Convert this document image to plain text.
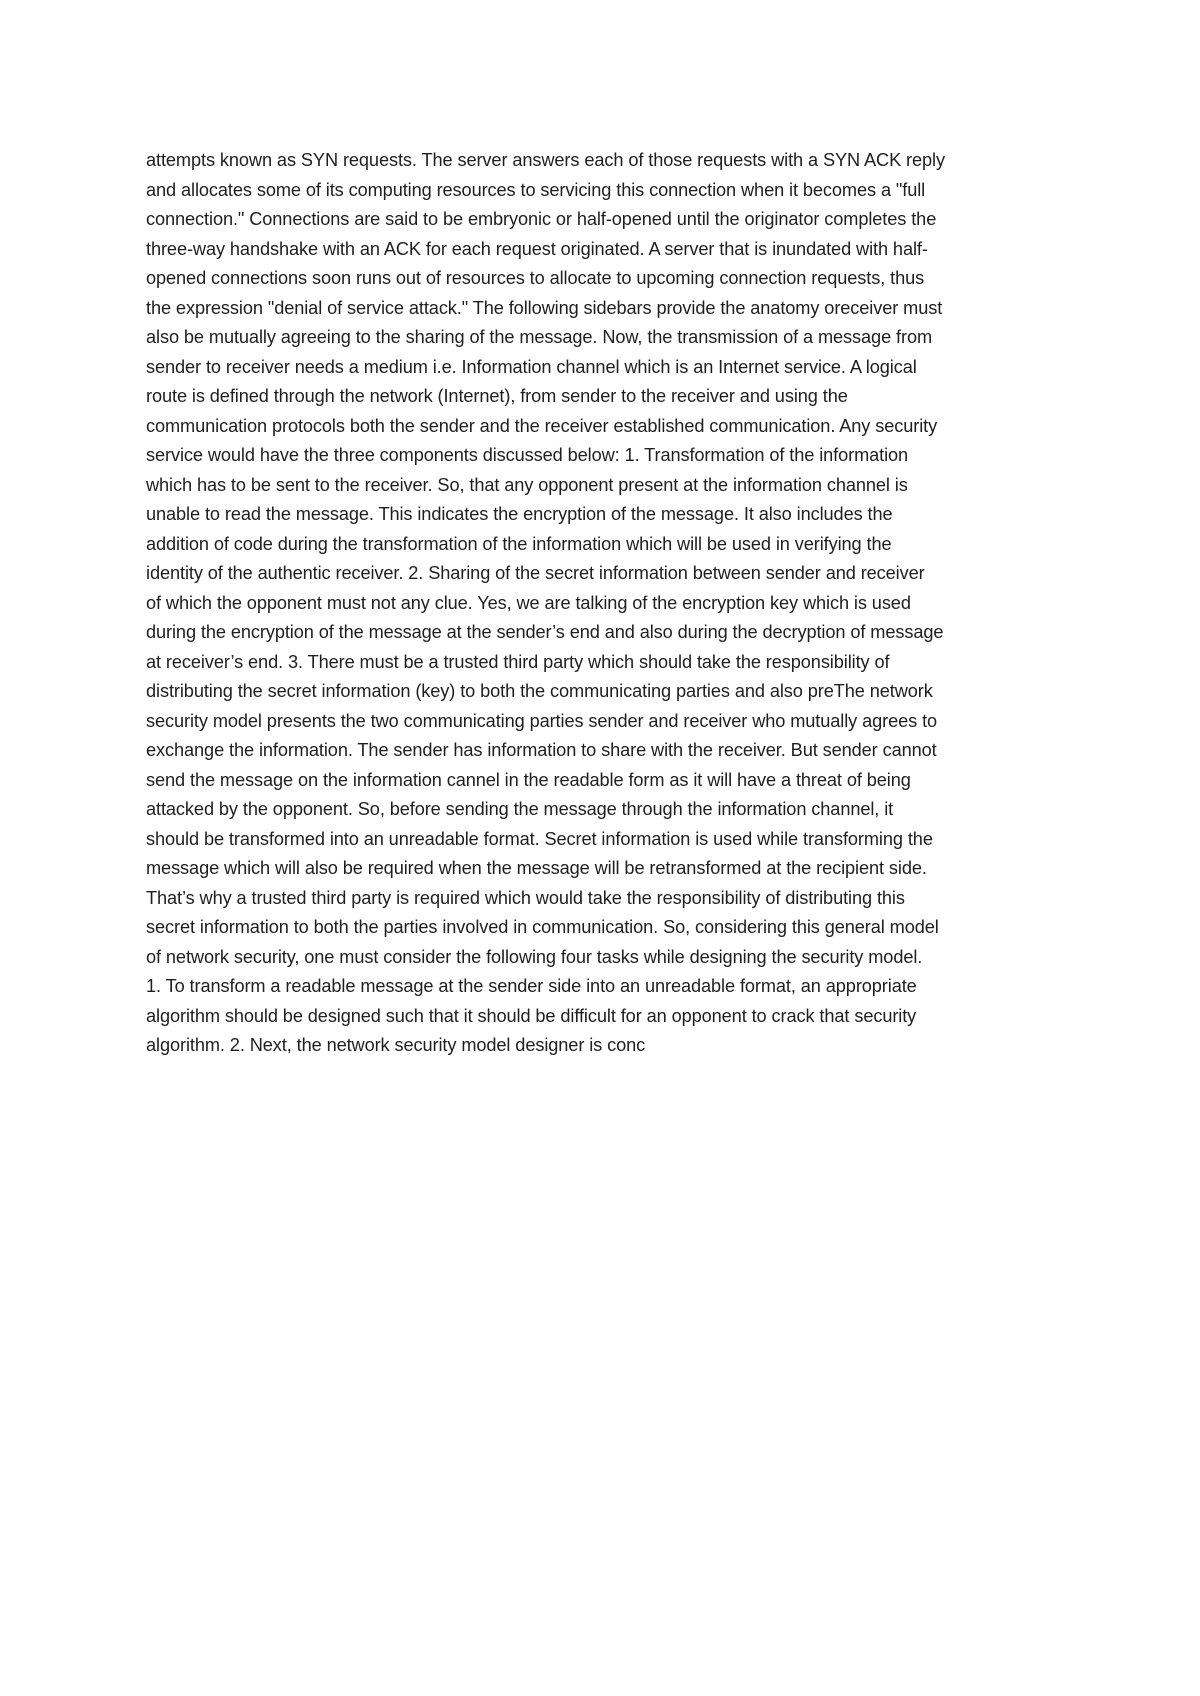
attempts known as SYN requests. The server answers each of those requests with a SYN ACK reply
and allocates some of its computing resources to servicing this connection when it becomes a "full
connection." Connections are said to be embryonic or half-opened until the originator completes the
three-way handshake with an ACK for each request originated. A server that is inundated with half-
opened connections soon runs out of resources to allocate to upcoming connection requests, thus
the expression "denial of service attack." The following sidebars provide the anatomy oreceiver must
also be mutually agreeing to the sharing of the message. Now, the transmission of a message from
sender to receiver needs a medium i.e. Information channel which is an Internet service. A logical
route is defined through the network (Internet), from sender to the receiver and using the
communication protocols both the sender and the receiver established communication. Any security
service would have the three components discussed below: 1. Transformation of the information
which has to be sent to the receiver. So, that any opponent present at the information channel is
unable to read the message. This indicates the encryption of the message. It also includes the
addition of code during the transformation of the information which will be used in verifying the
identity of the authentic receiver. 2. Sharing of the secret information between sender and receiver
of which the opponent must not any clue. Yes, we are talking of the encryption key which is used
during the encryption of the message at the sender’s end and also during the decryption of message
at receiver’s end. 3. There must be a trusted third party which should take the responsibility of
distributing the secret information (key) to both the communicating parties and also preThe network
security model presents the two communicating parties sender and receiver who mutually agrees to
exchange the information. The sender has information to share with the receiver. But sender cannot
send the message on the information cannel in the readable form as it will have a threat of being
attacked by the opponent. So, before sending the message through the information channel, it
should be transformed into an unreadable format. Secret information is used while transforming the
message which will also be required when the message will be retransformed at the recipient side.
That’s why a trusted third party is required which would take the responsibility of distributing this
secret information to both the parties involved in communication. So, considering this general model
of network security, one must consider the following four tasks while designing the security model.
1. To transform a readable message at the sender side into an unreadable format, an appropriate
algorithm should be designed such that it should be difficult for an opponent to crack that security
algorithm. 2. Next, the network security model designer is conc
